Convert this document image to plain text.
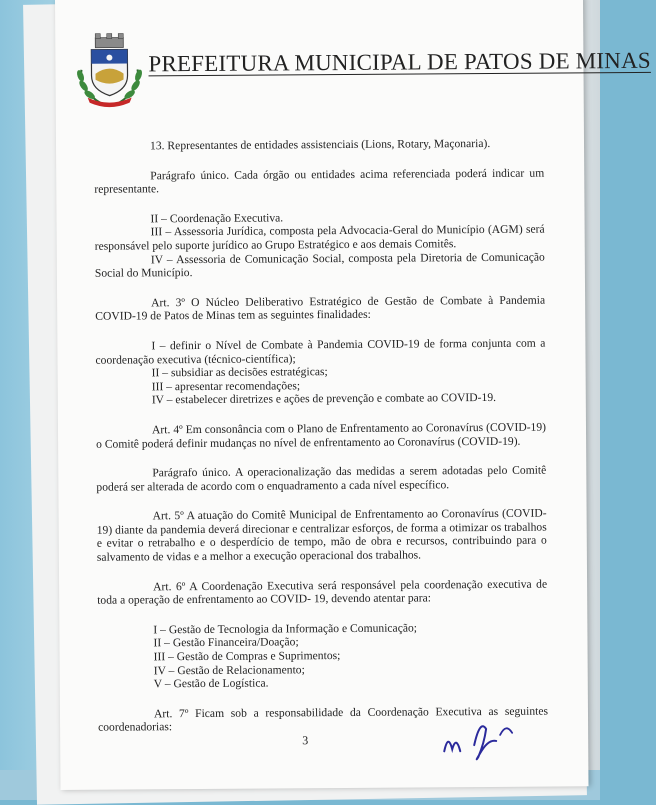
PREFEITURA MUNICIPAL DE PATOS DE MINAS

13. Representantes de entidades assistenciais (Lions, Rotary, Maçonaria).

Parágrafo único. Cada órgão ou entidades acima referenciada poderá indicar um representante.

II – Coordenação Executiva.

III – Assessoria Jurídica, composta pela Advocacia-Geral do Município (AGM) será responsável pelo suporte jurídico ao Grupo Estratégico e aos demais Comitês.

IV – Assessoria de Comunicação Social, composta pela Diretoria de Comunicação Social do Município.

Art. 3º O Núcleo Deliberativo Estratégico de Gestão de Combate à Pandemia COVID-19 de Patos de Minas tem as seguintes finalidades:

I – definir o Nível de Combate à Pandemia COVID-19 de forma conjunta com a coordenação executiva (técnico-científica);

II – subsidiar as decisões estratégicas;

III – apresentar recomendações;

IV – estabelecer diretrizes e ações de prevenção e combate ao COVID-19.

Art. 4º Em consonância com o Plano de Enfrentamento ao Coronavírus (COVID-19) o Comitê poderá definir mudanças no nível de enfrentamento ao Coronavírus (COVID-19).

Parágrafo único. A operacionalização das medidas a serem adotadas pelo Comitê poderá ser alterada de acordo com o enquadramento a cada nível específico.

Art. 5º A atuação do Comitê Municipal de Enfrentamento ao Coronavírus (COVID-19) diante da pandemia deverá direcionar e centralizar esforços, de forma a otimizar os trabalhos e evitar o retrabalho e o desperdício de tempo, mão de obra e recursos, contribuindo para o salvamento de vidas e a melhor a execução operacional dos trabalhos.

Art. 6º A Coordenação Executiva será responsável pela coordenação executiva de toda a operação de enfrentamento ao COVID- 19, devendo atentar para:

I – Gestão de Tecnologia da Informação e Comunicação;

II – Gestão Financeira/Doação;

III – Gestão de Compras e Suprimentos;

IV – Gestão de Relacionamento;

V – Gestão de Logística.

Art. 7º Ficam sob a responsabilidade da Coordenação Executiva as seguintes coordenadorias:

3
